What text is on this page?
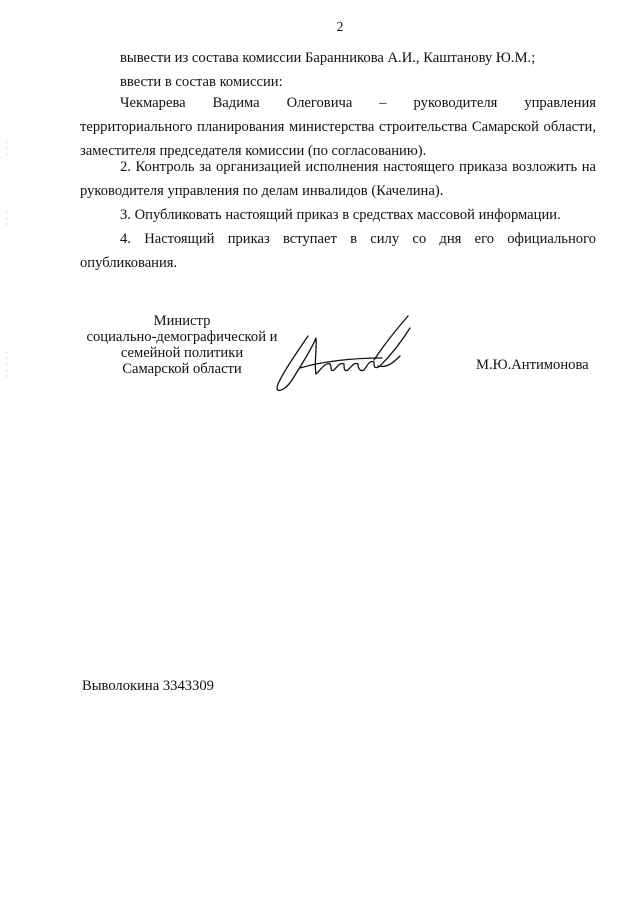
2

вывести из состава комиссии Баранникова А.И., Каштанову Ю.М.;

ввести в состав комиссии:

Чекмарева Вадима Олеговича – руководителя управления

территориального планирования министерства строительства Самарской области, заместителя председателя комиссии (по согласованию).

2. Контроль за организацией исполнения настоящего приказа возложить на руководителя управления по делам инвалидов (Качелина).

3. Опубликовать настоящий приказ в средствах массовой информации.

4. Настоящий приказ вступает в силу со дня его официального опубликования.

Министр
социально-демографической и
семейной политики
Самарской области	М.Ю.Антимонова
Выволокина 3343309
·
·
·
·
·
·
·
·
·
·
·
